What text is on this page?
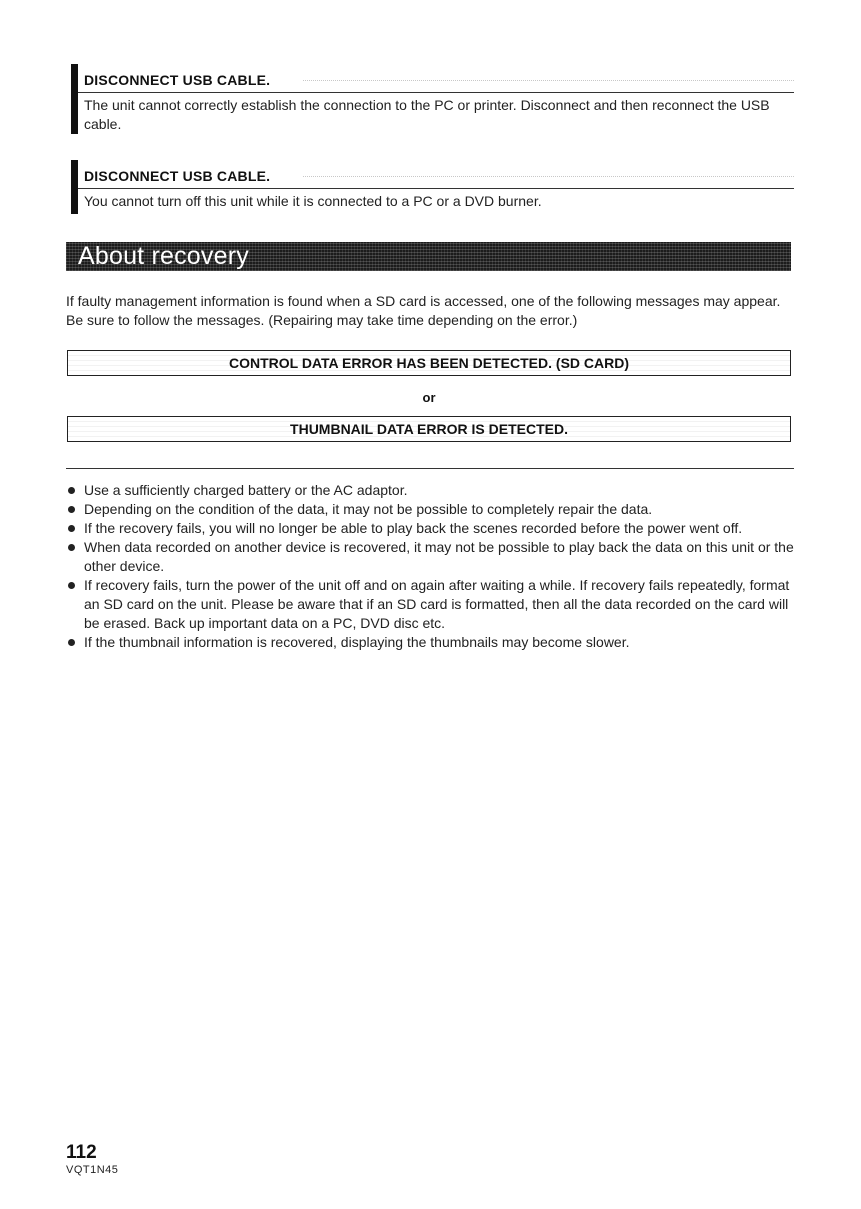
DISCONNECT USB CABLE.
The unit cannot correctly establish the connection to the PC or printer. Disconnect and then reconnect the USB cable.
DISCONNECT USB CABLE.
You cannot turn off this unit while it is connected to a PC or a DVD burner.
About recovery
If faulty management information is found when a SD card is accessed, one of the following messages may appear. Be sure to follow the messages. (Repairing may take time depending on the error.)
CONTROL DATA ERROR HAS BEEN DETECTED. (SD CARD)
or
THUMBNAIL DATA ERROR IS DETECTED.
Use a sufficiently charged battery or the AC adaptor.
Depending on the condition of the data, it may not be possible to completely repair the data.
If the recovery fails, you will no longer be able to play back the scenes recorded before the power went off.
When data recorded on another device is recovered, it may not be possible to play back the data on this unit or the other device.
If recovery fails, turn the power of the unit off and on again after waiting a while. If recovery fails repeatedly, format an SD card on the unit. Please be aware that if an SD card is formatted, then all the data recorded on the card will be erased. Back up important data on a PC, DVD disc etc.
If the thumbnail information is recovered, displaying the thumbnails may become slower.
112
VQT1N45
